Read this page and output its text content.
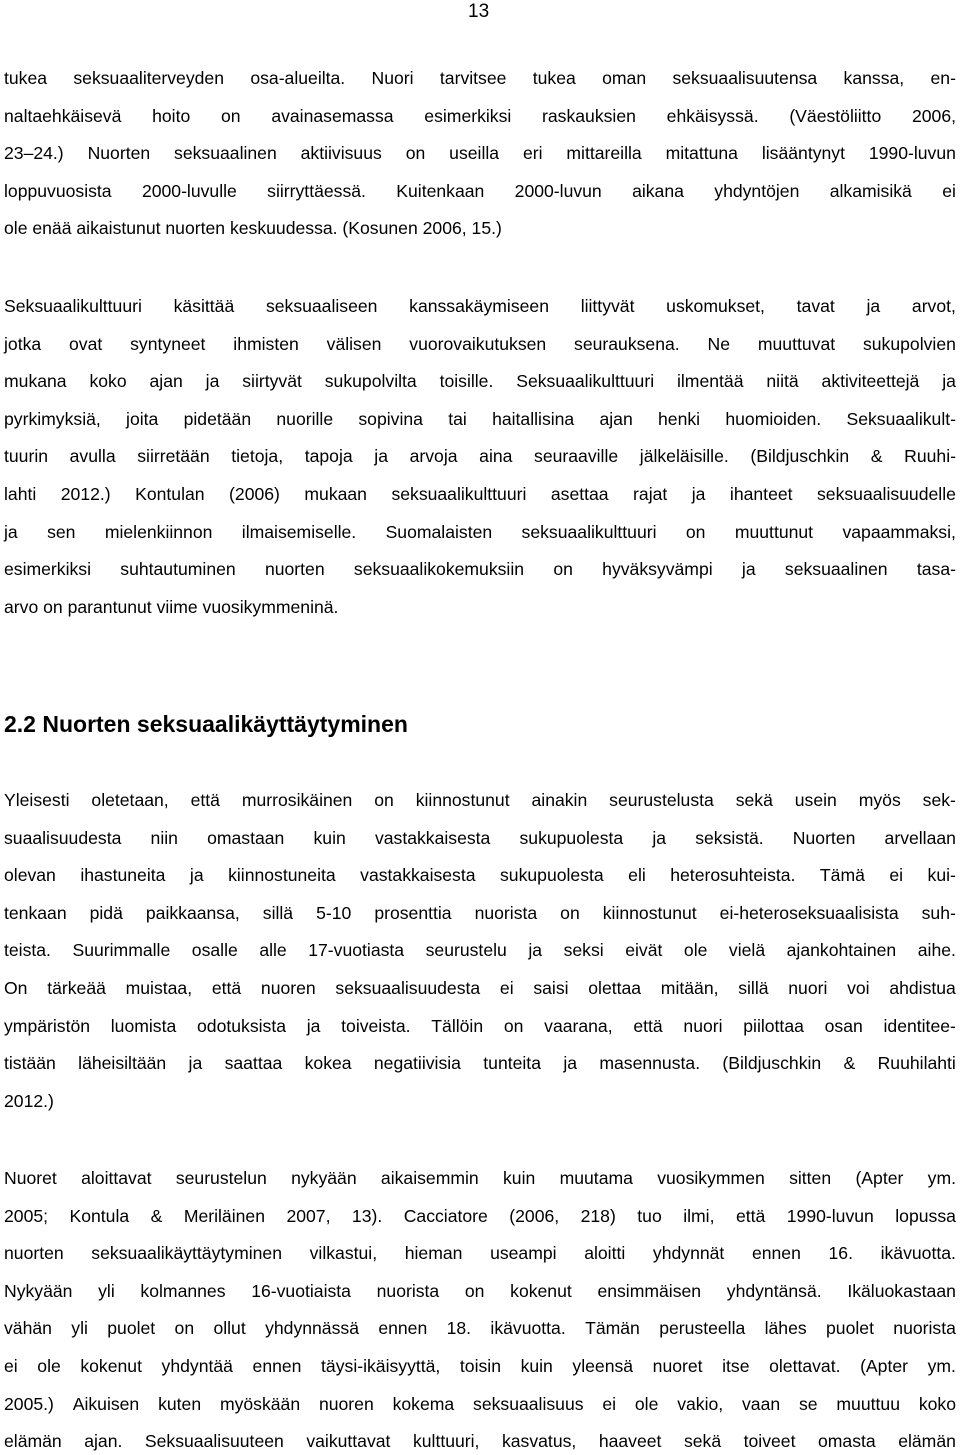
13
tukea seksuaaliterveyden osa-alueilta. Nuori tarvitsee tukea oman seksuaalisuutensa kanssa, en-
naltaehkäisevä hoito on avainasemassa esimerkiksi raskauksien ehkäisyssä. (Väestöliitto 2006,
23–24.) Nuorten seksuaalinen aktiivisuus on useilla eri mittareilla mitattuna lisääntynyt 1990-luvun
loppuvuosista 2000-luvulle siirryttäessä. Kuitenkaan 2000-luvun aikana yhdyntöjen alkamisikä ei
ole enää aikaistunut nuorten keskuudessa. (Kosunen 2006, 15.)
Seksuaalikulttuuri käsittää seksuaaliseen kanssakäymiseen liittyvät uskomukset, tavat ja arvot,
jotka ovat syntyneet ihmisten välisen vuorovaikutuksen seurauksena. Ne muuttuvat sukupolvien
mukana koko ajan ja siirtyvät sukupolvilta toisille. Seksuaalikulttuuri ilmentää niitä aktiviteettejä ja
pyrkimyksiä, joita pidetään nuorille sopivina tai haitallisina ajan henki huomioiden. Seksuaalikult-
tuurin avulla siirretään tietoja, tapoja ja arvoja aina seuraaville jälkeläisille. (Bildjuschkin & Ruuhi-
lahti 2012.) Kontulan (2006) mukaan seksuaalikulttuuri asettaa rajat ja ihanteet seksuaalisuudelle
ja sen mielenkiinnon ilmaisemiselle. Suomalaisten seksuaalikulttuuri on muuttunut vapaammaksi,
esimerkiksi suhtautuminen nuorten seksuaalikokemuksiin on hyväksyvämpi ja seksuaalinen tasa-
arvo on parantunut viime vuosikymmeninä.
Yleisesti oletetaan, että murrosikäinen on kiinnostunut ainakin seurustelusta sekä usein myös sek-
suaalisuudesta niin omastaan kuin vastakkaisesta sukupuolesta ja seksistä. Nuorten arvellaan
olevan ihastuneita ja kiinnostuneita vastakkaisesta sukupuolesta eli heterosuhteista. Tämä ei kui-
tenkaan pidä paikkaansa, sillä 5-10 prosenttia nuorista on kiinnostunut ei-heteroseksuaalisista suh-
teista. Suurimmalle osalle alle 17-vuotiasta seurustelu ja seksi eivät ole vielä ajankohtainen aihe.
On tärkeää muistaa, että nuoren seksuaalisuudesta ei saisi olettaa mitään, sillä nuori voi ahdistua
ympäristön luomista odotuksista ja toiveista. Tällöin on vaarana, että nuori piilottaa osan identitee-
tistään läheisiltään ja saattaa kokea negatiivisia tunteita ja masennusta. (Bildjuschkin & Ruuhilahti
2012.)
Nuoret aloittavat seurustelun nykyään aikaisemmin kuin muutama vuosikymmen sitten (Apter ym.
2005; Kontula & Meriläinen 2007, 13). Cacciatore (2006, 218) tuo ilmi, että 1990-luvun lopussa
nuorten seksuaalikäyttäytyminen vilkastui, hieman useampi aloitti yhdynnät ennen 16. ikävuotta.
Nykyään yli kolmannes 16-vuotiaista nuorista on kokenut ensimmäisen yhdyntänsä. Ikäluokastaan
vähän yli puolet on ollut yhdynnässä ennen 18. ikävuotta. Tämän perusteella lähes puolet nuorista
ei ole kokenut yhdyntää ennen täysi-ikäisyyttä, toisin kuin yleensä nuoret itse olettavat. (Apter ym.
2005.) Aikuisen kuten myöskään nuoren kokema seksuaalisuus ei ole vakio, vaan se muuttuu koko
elämän ajan. Seksuaalisuuteen vaikuttavat kulttuuri, kasvatus, haaveet sekä toiveet omasta elämän
2.2 Nuorten seksuaalikäyttäytyminen
